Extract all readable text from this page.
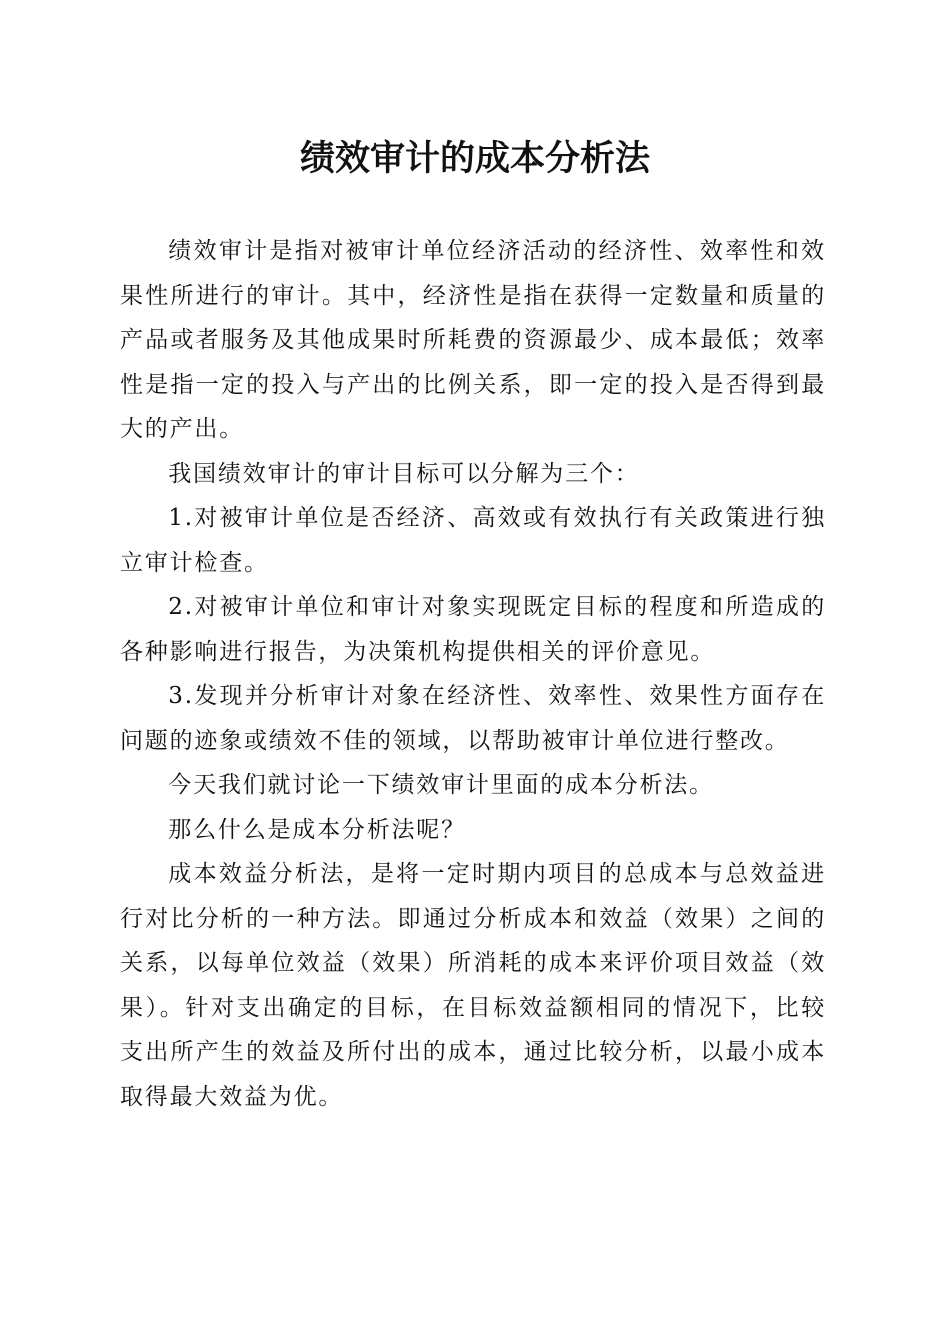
绩效审计的成本分析法

绩效审计是指对被审计单位经济活动的经济性、效率性和效果性所进行的审计。其中，经济性是指在获得一定数量和质量的产品或者服务及其他成果时所耗费的资源最少、成本最低；效率性是指一定的投入与产出的比例关系，即一定的投入是否得到最大的产出。

我国绩效审计的审计目标可以分解为三个：

1.对被审计单位是否经济、高效或有效执行有关政策进行独立审计检查。

2.对被审计单位和审计对象实现既定目标的程度和所造成的各种影响进行报告，为决策机构提供相关的评价意见。

3.发现并分析审计对象在经济性、效率性、效果性方面存在问题的迹象或绩效不佳的领域，以帮助被审计单位进行整改。

今天我们就讨论一下绩效审计里面的成本分析法。

那么什么是成本分析法呢？

成本效益分析法，是将一定时期内项目的总成本与总效益进行对比分析的一种方法。即通过分析成本和效益（效果）之间的关系，以每单位效益（效果）所消耗的成本来评价项目效益（效果）。针对支出确定的目标，在目标效益额相同的情况下，比较支出所产生的效益及所付出的成本，通过比较分析，以最小成本取得最大效益为优。
